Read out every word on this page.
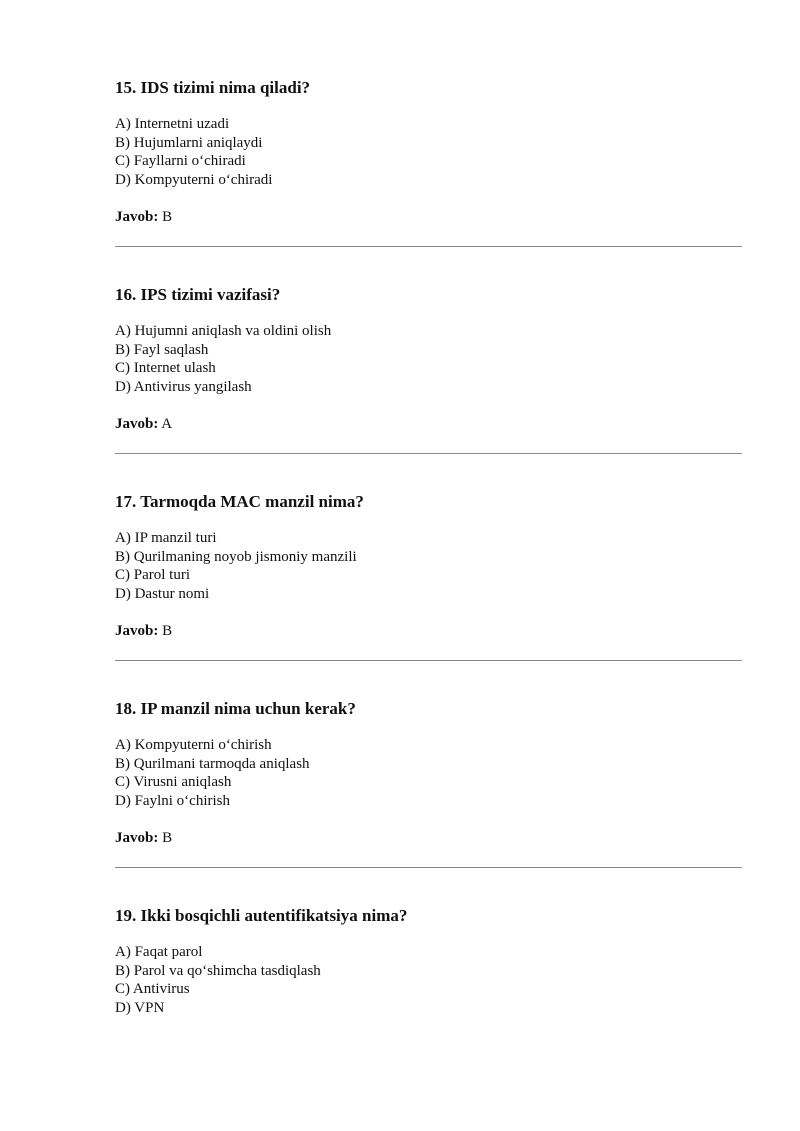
15. IDS tizimi nima qiladi?
A) Internetni uzadi
B) Hujumlarni aniqlaydi
C) Fayllarni o‘chiradi
D) Kompyuterni o‘chiradi
Javob: B
16. IPS tizimi vazifasi?
A) Hujumni aniqlash va oldini olish
B) Fayl saqlash
C) Internet ulash
D) Antivirus yangilash
Javob: A
17. Tarmoqda MAC manzil nima?
A) IP manzil turi
B) Qurilmaning noyob jismoniy manzili
C) Parol turi
D) Dastur nomi
Javob: B
18. IP manzil nima uchun kerak?
A) Kompyuterni o‘chirish
B) Qurilmani tarmoqda aniqlash
C) Virusni aniqlash
D) Faylni o‘chirish
Javob: B
19. Ikki bosqichli autentifikatsiya nima?
A) Faqat parol
B) Parol va qo‘shimcha tasdiqlash
C) Antivirus
D) VPN
